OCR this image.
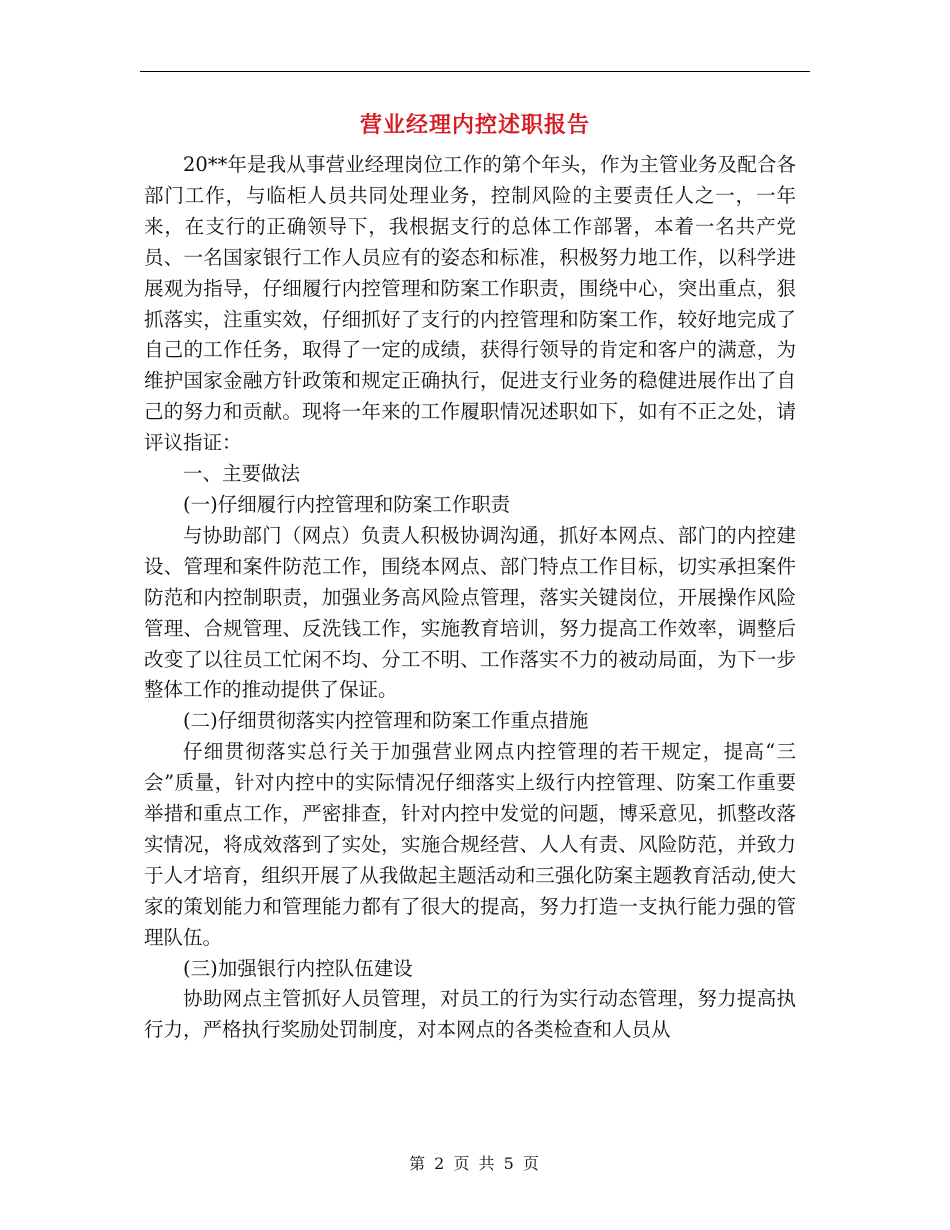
营业经理内控述职报告

20**年是我从事营业经理岗位工作的第个年头，作为主管业务及配合各部门工作，与临柜人员共同处理业务，控制风险的主要责任人之一，一年来，在支行的正确领导下，我根据支行的总体工作部署，本着一名共产党员、一名国家银行工作人员应有的姿态和标准，积极努力地工作，以科学进展观为指导，仔细履行内控管理和防案工作职责，围绕中心，突出重点，狠抓落实，注重实效，仔细抓好了支行的内控管理和防案工作，较好地完成了自己的工作任务，取得了一定的成绩，获得行领导的肯定和客户的满意，为维护国家金融方针政策和规定正确执行，促进支行业务的稳健进展作出了自己的努力和贡献。现将一年来的工作履职情况述职如下，如有不正之处，请评议指证：

一、主要做法

(一)仔细履行内控管理和防案工作职责

与协助部门（网点）负责人积极协调沟通，抓好本网点、部门的内控建设、管理和案件防范工作，围绕本网点、部门特点工作目标，切实承担案件防范和内控制职责，加强业务高风险点管理，落实关键岗位，开展操作风险管理、合规管理、反洗钱工作，实施教育培训，努力提高工作效率，调整后改变了以往员工忙闲不均、分工不明、工作落实不力的被动局面，为下一步整体工作的推动提供了保证。

(二)仔细贯彻落实内控管理和防案工作重点措施

仔细贯彻落实总行关于加强营业网点内控管理的若干规定，提高“三会”质量，针对内控中的实际情况仔细落实上级行内控管理、防案工作重要举措和重点工作，严密排查，针对内控中发觉的问题，博采意见，抓整改落实情况，将成效落到了实处，实施合规经营、人人有责、风险防范，并致力于人才培育，组织开展了从我做起主题活动和三强化防案主题教育活动,使大家的策划能力和管理能力都有了很大的提高，努力打造一支执行能力强的管理队伍。

(三)加强银行内控队伍建设

协助网点主管抓好人员管理，对员工的行为实行动态管理，努力提高执行力，严格执行奖励处罚制度，对本网点的各类检查和人员从

第 2 页 共 5 页
